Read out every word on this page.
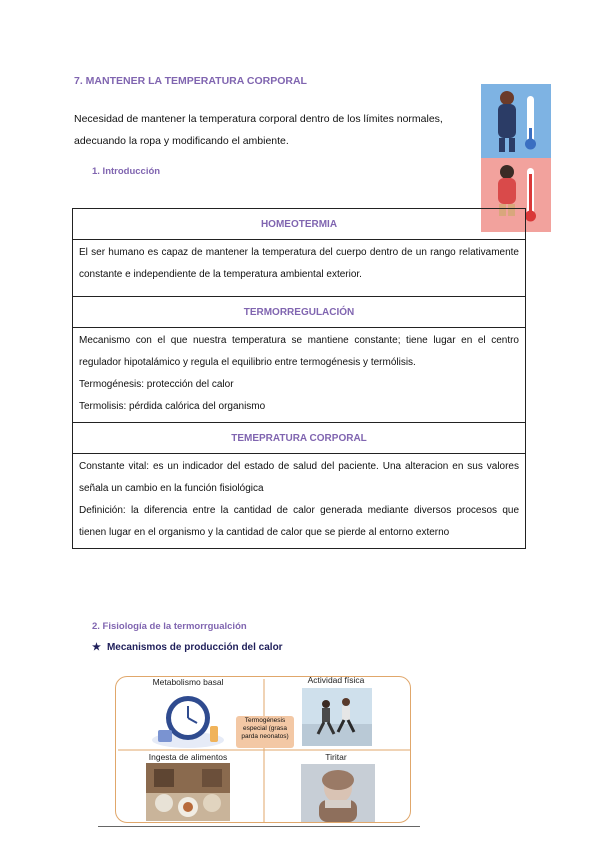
7. MANTENER LA TEMPERATURA CORPORAL
Necesidad de mantener la temperatura corporal dentro de los límites normales,
adecuando la ropa y modificando el ambiente.
1. Introducción
HOMEOTERMIA

El ser humano es capaz de mantener la temperatura del cuerpo dentro de un rango relativamente constante e independiente de la temperatura ambiental exterior.

TERMORREGULACIÓN

Mecanismo con el que nuestra temperatura se mantiene constante; tiene lugar en el centro regulador hipotalámico y regula el equilibrio entre termogénesis y termólisis.

Termogénesis: protección del calor

Termolisis: pérdida calórica del organismo

TEMEPRATURA CORPORAL

Constante vital: es un indicador del estado de salud del paciente. Una alteracion en sus valores señala un cambio en la función fisiológica

Definición: la diferencia entre la cantidad de calor generada mediante diversos procesos que tienen lugar en el organismo y la cantidad de calor que se pierde al entorno externo

2. Fisiología de la termorrgualción
★ Mecanismos de producción del calor
Metabolismo basal	Actividad física
Ingesta de alimentos	Tiritar
Termogénesis
especial (grasa
parda neonatos)
